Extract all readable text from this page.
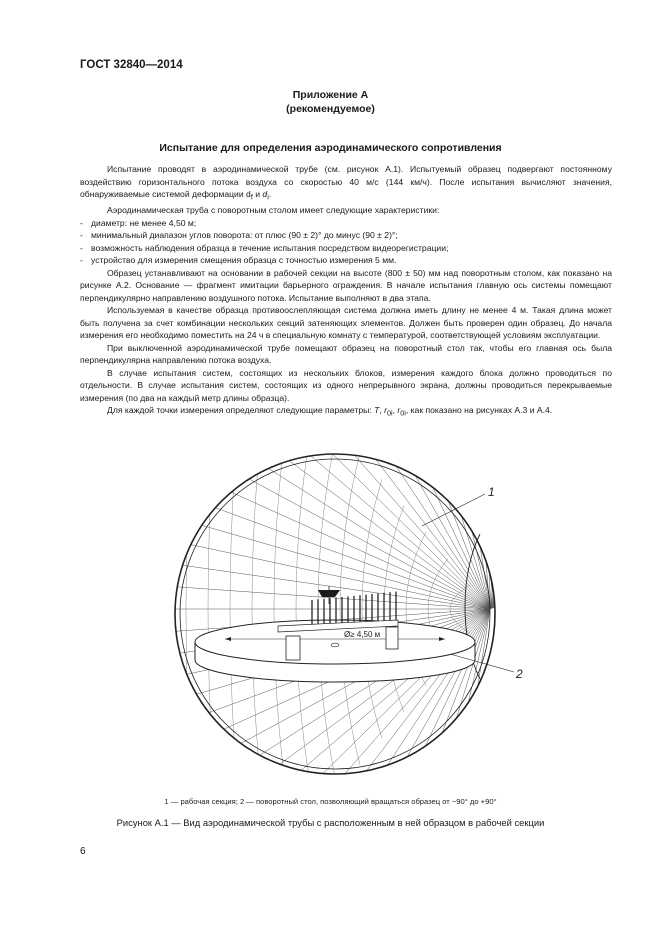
ГОСТ 32840—2014
Приложение А
(рекомендуемое)
Испытание для определения аэродинамического сопротивления

Испытание проводят в аэродинамической трубе (см. рисунок А.1). Испытуемый образец подвергают постоянному воздействию горизонтального потока воздуха со скоростью 40 м/с (144 км/ч). После испытания вычисляют значения, обнаруживаемые системой деформации $d_f$ и $d_i$.

Аэродинамическая труба с поворотным столом имеет следующие характеристики:

- диаметр: не менее 4,50 м;

- минимальный диапазон углов поворота: от плюс (90 ± 2)° до минус (90 ± 2)°;

- возможность наблюдения образца в течение испытания посредством видеорегистрации;

- устройство для измерения смещения образца с точностью измерения 5 мм.

Образец устанавливают на основании в рабочей секции на высоте (800 ± 50) мм над поворотным столом, как показано на рисунке А.2. Основание — фрагмент имитации барьерного ограждения. В начале испытания главную ось системы помещают перпендикулярно направлению воздушного потока. Испытание выполняют в два этапа.

Используемая в качестве образца противоослепляющая система должна иметь длину не менее 4 м. Такая длина может быть получена за счет комбинации нескольких секций затеняющих элементов. Должен быть проверен один образец. До начала измерения его необходимо поместить на 24 ч в специальную комнату с температурой, соответствующей условиям эксплуатации.

При выключенной аэродинамической трубе помещают образец на поворотный стол так, чтобы его главная ось была перпендикулярна направлению потока воздуха.

В случае испытания систем, состоящих из нескольких блоков, измерения каждого блока должно проводиться по отдельности. В случае испытания систем, состоящих из одного непрерывного экрана, должны проводиться перекрываемые измерения (по два на каждый метр длины образца).

Для каждой точки измерения определяют следующие параметры: T, $r_{0i}$, $r_{0i}$, как показано на рисунках А.3 и А.4.

1
2
Ø≥ 4,50 м
1 — рабочая секция; 2 — поворотный стол, позволяющий вращаться образец от −90° до +90°
Рисунок А.1 — Вид аэродинамической трубы с расположенным в ней образцом в рабочей секции
6
